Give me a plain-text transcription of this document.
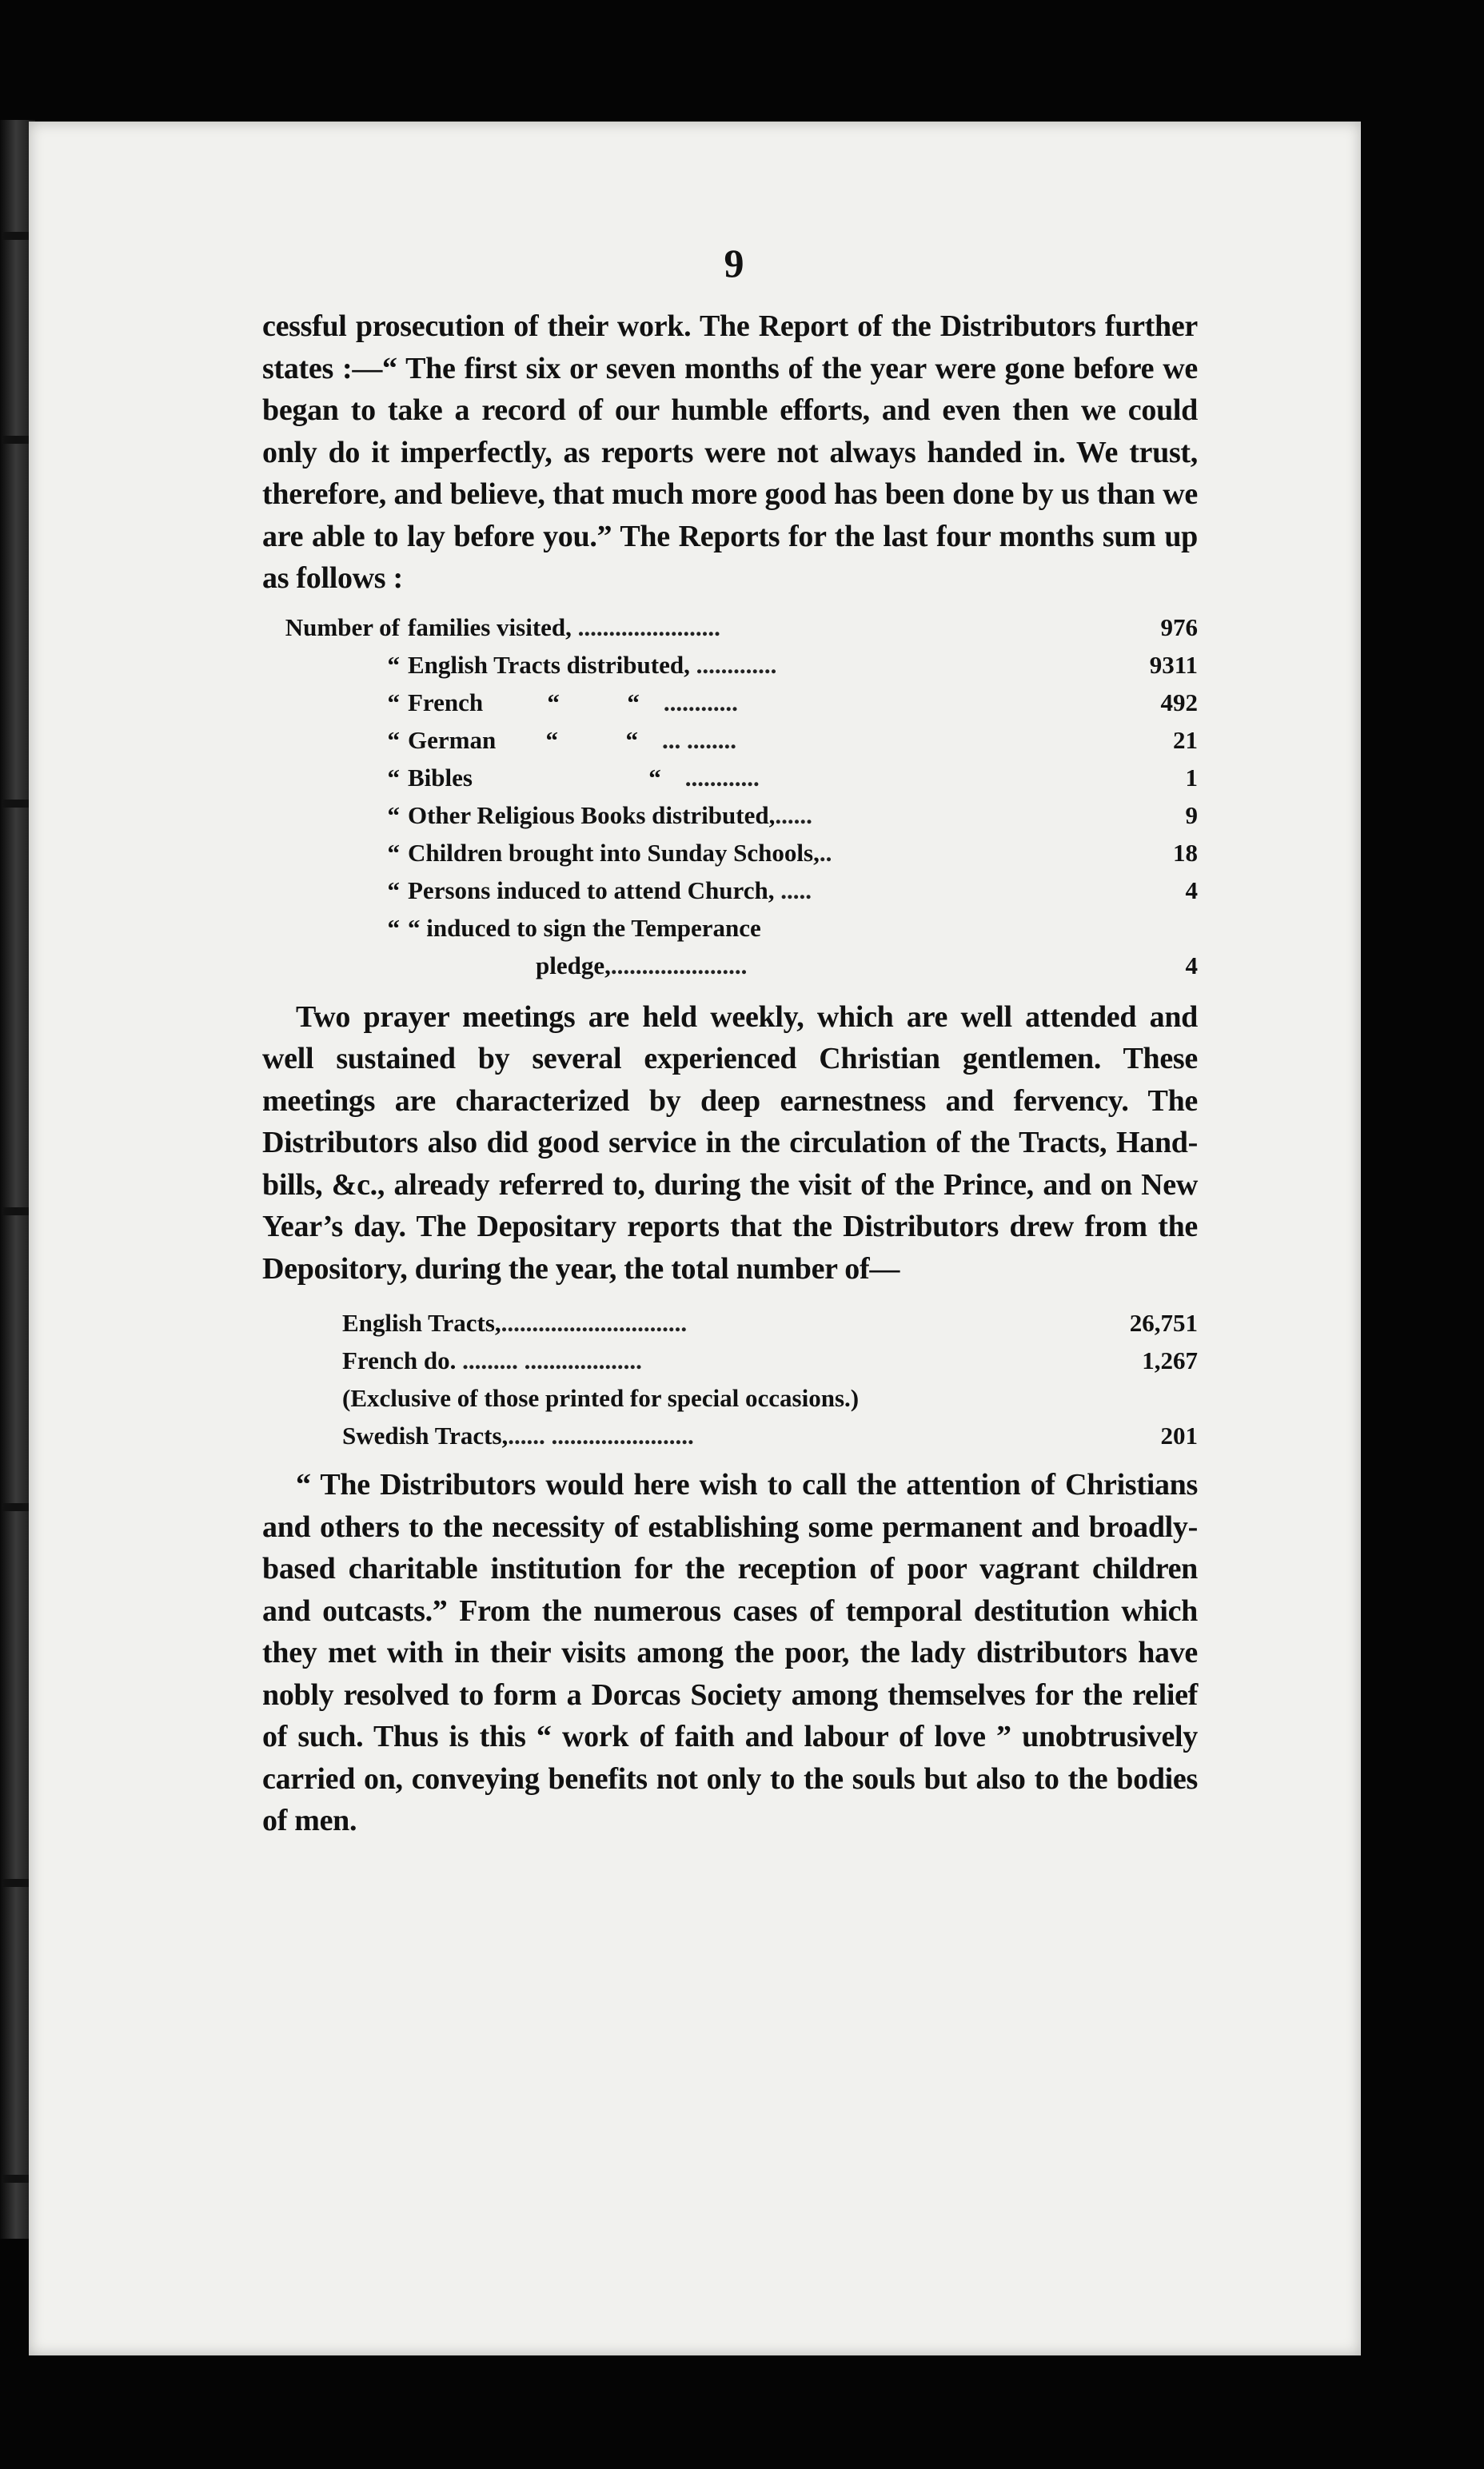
9

cessful prosecution of their work. The Report of the Distributors further states :—“ The first six or seven months of the year were gone before we began to take a record of our humble efforts, and even then we could only do it imperfectly, as reports were not always handed in. We trust, therefore, and believe, that much more good has been done by us than we are able to lay before you.” The Reports for the last four months sum up as follows :

Number of families visited, .......................	976
“ English Tracts distributed, .............	9311
“ French	“	“ ............	492
“ German “	“ ... ........	21
“ Bibles	“ ............	1
“ Other Religious Books distributed,......	9
“ Children brought into Sunday Schools,..	18
“ Persons induced to attend Church, .....	4
“ “ induced to sign the Temperance
pledge,......................	4

Two prayer meetings are held weekly, which are well attended and well sustained by several experienced Christian gentlemen. These meetings are characterized by deep earnestness and fervency. The Distributors also did good service in the circulation of the Tracts, Hand-bills, &c., already referred to, during the visit of the Prince, and on New Year’s day. The Depositary reports that the Distributors drew from the Depository, during the year, the total number of—

English Tracts,..............................	26,751
French do. ......... ...................	1,267
(Exclusive of those printed for special occasions.)
Swedish Tracts,...... .......................	201

“ The Distributors would here wish to call the attention of Christians and others to the necessity of establishing some permanent and broadly-based charitable institution for the reception of poor vagrant children and outcasts.” From the numerous cases of temporal destitution which they met with in their visits among the poor, the lady distributors have nobly resolved to form a Dorcas Society among themselves for the relief of such. Thus is this “ work of faith and labour of love ” unobtrusively carried on, conveying benefits not only to the souls but also to the bodies of men.
